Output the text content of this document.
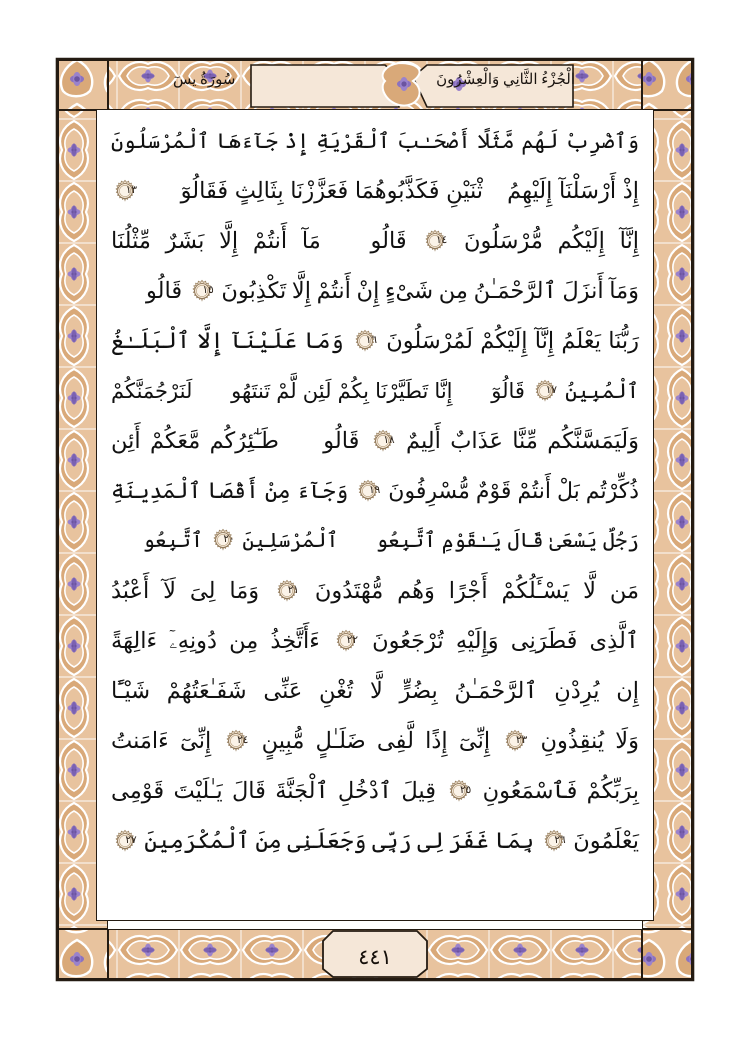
الْجُزْءُ الثَّانِي وَالْعِشْرُونَ
سُورَةُ يسٓ
وَٱضْرِبْ لَهُم مَّثَلًا أَصْحَـٰبَ ٱلْقَرْيَةِ إِذْ جَآءَهَا ٱلْمُرْسَلُونَ
إِذْ أَرْسَلْنَآ إِلَيْهِمُ ٱثْنَيْنِ فَكَذَّبُوهُمَا فَعَزَّزْنَا بِثَالِثٍ فَقَالُوٓا۟
١٣
إِنَّآ إِلَيْكُم مُّرْسَلُونَ
١٤
قَالُوا۟ مَآ أَنتُمْ إِلَّا بَشَرٌ مِّثْلُنَا
وَمَآ أَنزَلَ ٱلرَّحْمَـٰنُ مِن شَىْءٍ إِنْ أَنتُمْ إِلَّا تَكْذِبُونَ
١٥
قَالُوا۟
رَبُّنَا يَعْلَمُ إِنَّآ إِلَيْكُمْ لَمُرْسَلُونَ
١٦
وَمَا عَلَيْنَآ إِلَّا ٱلْبَلَـٰغُ
ٱلْمُبِينُ
١٧
قَالُوٓا۟ إِنَّا تَطَيَّرْنَا بِكُمْ لَئِن لَّمْ تَنتَهُوا۟ لَنَرْجُمَنَّكُمْ
وَلَيَمَسَّنَّكُم مِّنَّا عَذَابٌ أَلِيمٌ
١٨
قَالُوا۟ طَـٰٓئِرُكُم مَّعَكُمْ أَئِن
ذُكِّرْتُم بَلْ أَنتُمْ قَوْمٌ مُّسْرِفُونَ
١٩
وَجَآءَ مِنْ أَقْصَا ٱلْمَدِينَةِ
رَجُلٌ يَسْعَىٰ قَالَ يَـٰقَوْمِ ٱتَّبِعُوا۟ ٱلْمُرْسَلِينَ
٢٠
ٱتَّبِعُوا۟
مَن لَّا يَسْـَٔلُكُمْ أَجْرًا وَهُم مُّهْتَدُونَ
٢١
وَمَا لِىَ لَآ أَعْبُدُ
ٱلَّذِى فَطَرَنِى وَإِلَيْهِ تُرْجَعُونَ
٢٢
ءَأَتَّخِذُ مِن دُونِهِۦٓ ءَالِهَةً
إِن يُرِدْنِ ٱلرَّحْمَـٰنُ بِضُرٍّ لَّا تُغْنِ عَنِّى شَفَـٰعَتُهُمْ شَيْـًٔا
وَلَا يُنقِذُونِ
٢٣
إِنِّىٓ إِذًا لَّفِى ضَلَـٰلٍ مُّبِينٍ
٢٤
إِنِّىٓ ءَامَنتُ
بِرَبِّكُمْ فَٱسْمَعُونِ
٢٥
قِيلَ ٱدْخُلِ ٱلْجَنَّةَ قَالَ يَـٰلَيْتَ قَوْمِى
يَعْلَمُونَ
٢٦
بِمَا غَفَرَ لِى رَبِّى وَجَعَلَنِى مِنَ ٱلْمُكْرَمِينَ
٢٧
٤٤١
